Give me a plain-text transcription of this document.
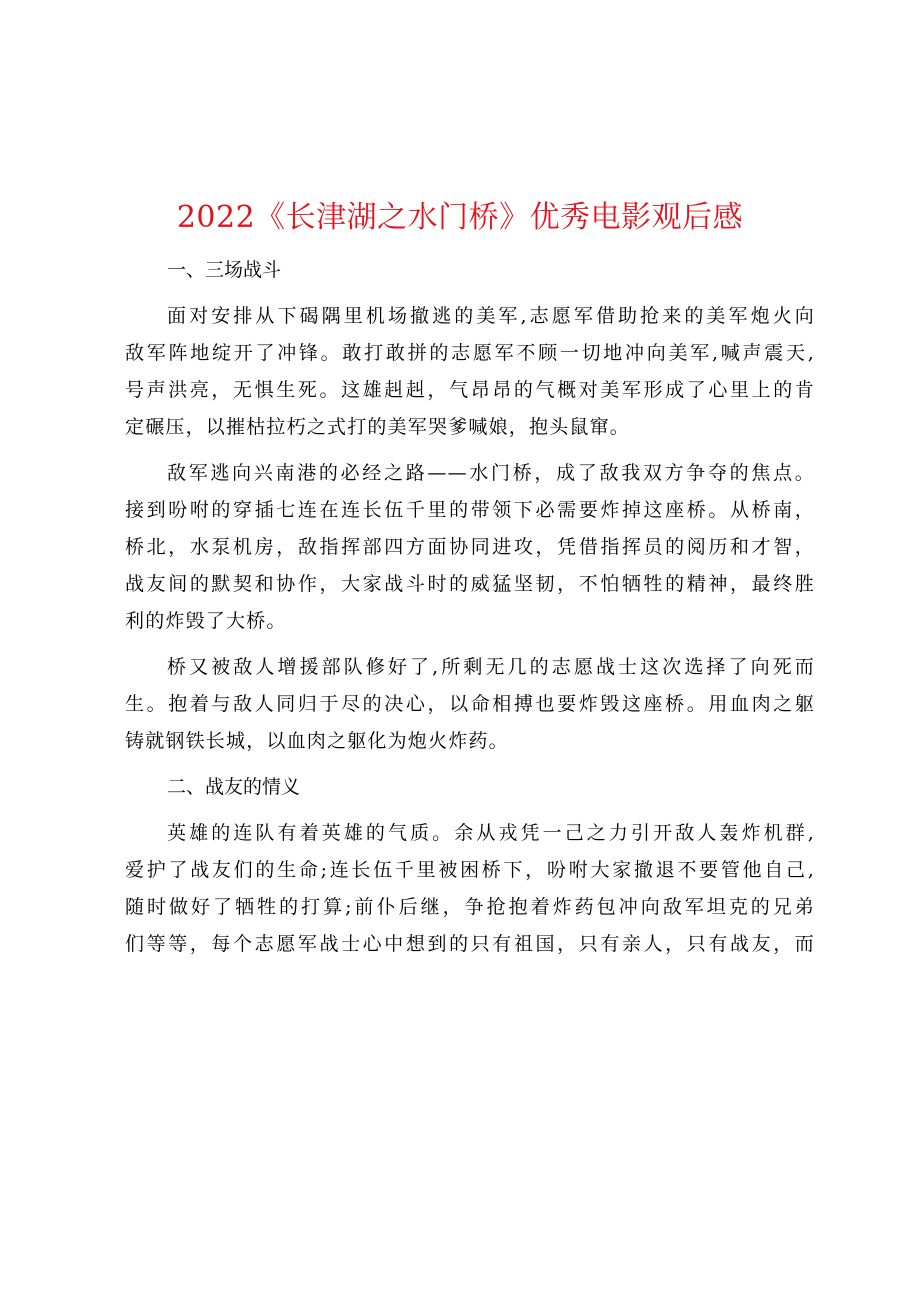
2022《长津湖之水门桥》优秀电影观后感
一、三场战斗
面对安排从下碣隅里机场撤逃的美军,志愿军借助抢来的美军炮火向
敌军阵地绽开了冲锋。敢打敢拼的志愿军不顾一切地冲向美军,喊声震天,
号声洪亮，无惧生死。这雄赳赳，气昂昂的气概对美军形成了心里上的肯
定碾压，以摧枯拉朽之式打的美军哭爹喊娘，抱头鼠窜。
敌军逃向兴南港的必经之路——水门桥，成了敌我双方争夺的焦点。
接到吩咐的穿插七连在连长伍千里的带领下必需要炸掉这座桥。从桥南，
桥北，水泵机房，敌指挥部四方面协同进攻，凭借指挥员的阅历和才智，
战友间的默契和协作，大家战斗时的威猛坚韧，不怕牺牲的精神，最终胜
利的炸毁了大桥。
桥又被敌人增援部队修好了,所剩无几的志愿战士这次选择了向死而
生。抱着与敌人同归于尽的决心，以命相搏也要炸毁这座桥。用血肉之躯
铸就钢铁长城，以血肉之躯化为炮火炸药。
二、战友的情义
英雄的连队有着英雄的气质。余从戎凭一己之力引开敌人轰炸机群,
爱护了战友们的生命;连长伍千里被困桥下，吩咐大家撤退不要管他自己,
随时做好了牺牲的打算;前仆后继，争抢抱着炸药包冲向敌军坦克的兄弟
们等等，每个志愿军战士心中想到的只有祖国，只有亲人，只有战友，而
